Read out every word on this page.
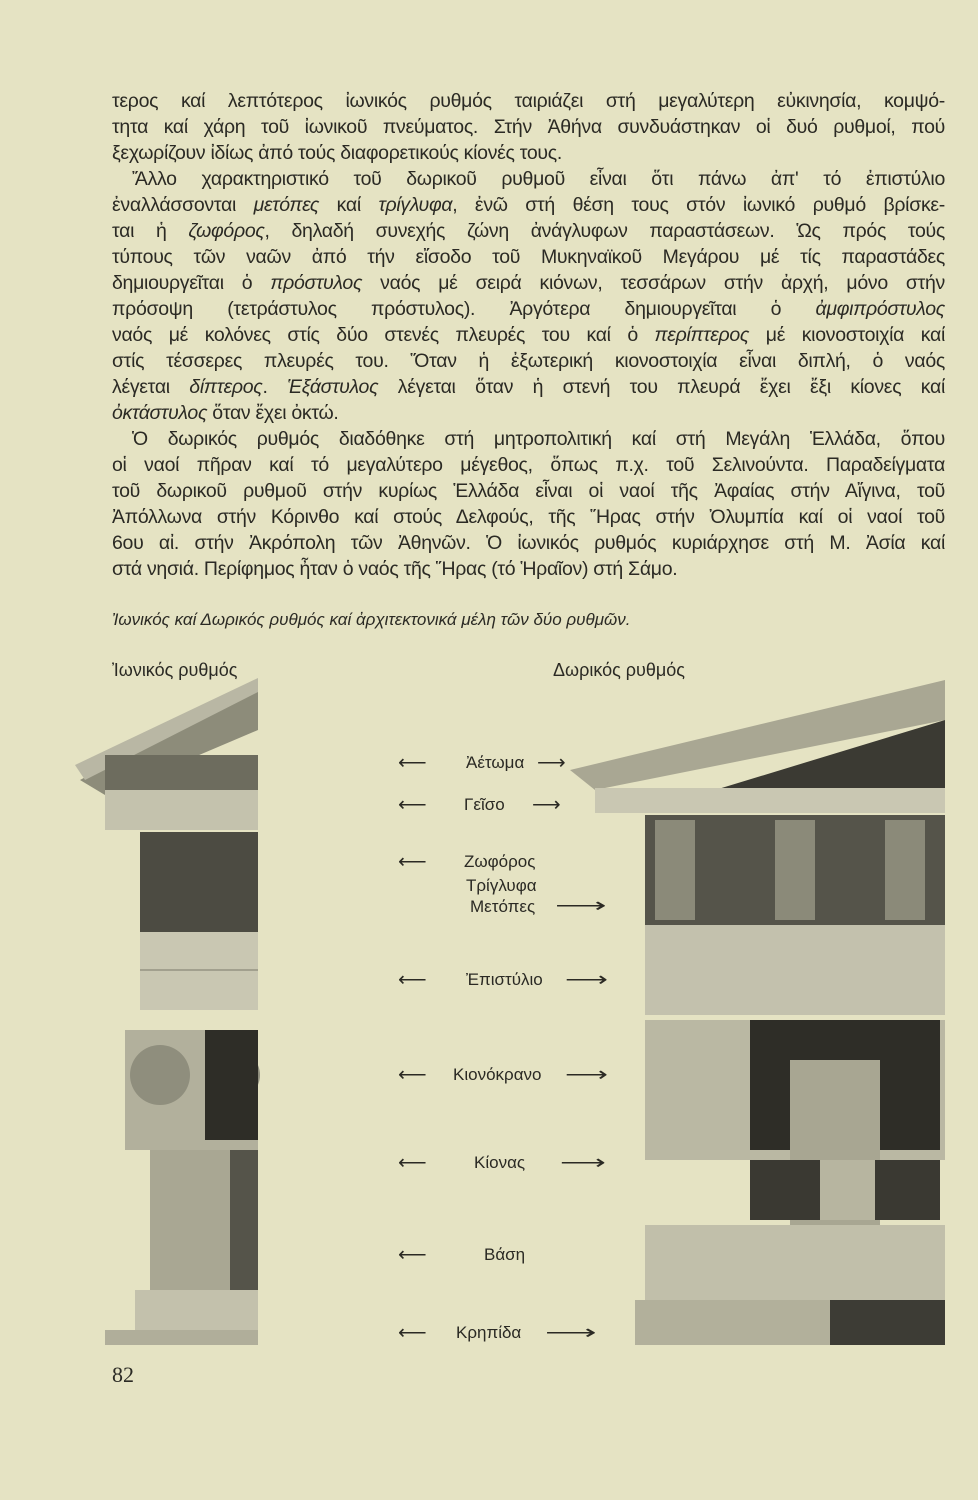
τερος καί λεπτότερος ἰωνικός ρυθμός ταιριάζει στή μεγαλύτερη εὐκινησία, κομψό-
τητα καί χάρη τοῦ ἰωνικοῦ πνεύματος. Στήν Ἀθήνα συνδυάστηκαν οἱ δυό ρυθμοί, πού
ξεχωρίζουν ἰδίως ἀπό τούς διαφορετικούς κίονές τους.
Ἄλλο χαρακτηριστικό τοῦ δωρικοῦ ρυθμοῦ εἶναι ὅτι πάνω ἀπ' τό ἐπιστύλιο
ἐναλλάσσονται μετόπες καί τρίγλυφα, ἐνῶ στή θέση τους στόν ἰωνικό ρυθμό βρίσκε-
ται ἡ ζωφόρος, δηλαδή συνεχής ζώνη ἀνάγλυφων παραστάσεων. Ὡς πρός τούς
τύπους τῶν ναῶν ἀπό τήν εἴσοδο τοῦ Μυκηναϊκοῦ Μεγάρου μέ τίς παραστάδες
δημιουργεῖται ὁ πρόστυλος ναός μέ σειρά κιόνων, τεσσάρων στήν ἀρχή, μόνο στήν
πρόσοψη (τετράστυλος πρόστυλος). Ἀργότερα δημιουργεῖται ὁ ἀμφιπρόστυλος
ναός μέ κολόνες στίς δύο στενές πλευρές του καί ὁ περίπτερος μέ κιονοστοιχία καί
στίς τέσσερες πλευρές του. Ὅταν ἡ ἐξωτερική κιονοστοιχία εἶναι διπλή, ὁ ναός
λέγεται δίπτερος. Ἑξάστυλος λέγεται ὅταν ἡ στενή του πλευρά ἔχει ἔξι κίονες καί
ὀκτάστυλος ὅταν ἔχει ὀκτώ.
Ὁ δωρικός ρυθμός διαδόθηκε στή μητροπολιτική καί στή Μεγάλη Ἑλλάδα, ὅπου
οἱ ναοί πῆραν καί τό μεγαλύτερο μέγεθος, ὅπως π.χ. τοῦ Σελινούντα. Παραδείγματα
τοῦ δωρικοῦ ρυθμοῦ στήν κυρίως Ἑλλάδα εἶναι οἱ ναοί τῆς Ἀφαίας στήν Αἴγινα, τοῦ
Ἀπόλλωνα στήν Κόρινθο καί στούς Δελφούς, τῆς Ἥρας στήν Ὀλυμπία καί οἱ ναοί τοῦ
6ου αἰ. στήν Ἀκρόπολη τῶν Ἀθηνῶν. Ὁ ἰωνικός ρυθμός κυριάρχησε στή Μ. Ἀσία καί
στά νησιά. Περίφημος ἦταν ὁ ναός τῆς Ἥρας (τό Ἡραῖον) στή Σάμο.
Ἰωνικός καί Δωρικός ρυθμός καί ἀρχιτεκτονικά μέλη τῶν δύο ρυθμῶν.
Ἰωνικός ρυθμός	Δωρικός ρυθμός
⟵ Ἀέτωμα ⟶
⟵ Γεῖσο ⟶
⟵ Ζωφόρος
Τρίγλυφα
Μετόπες ⟶
⟵ Ἐπιστύλιο ⟶
⟵ Κιονόκρανο ⟶
⟵	Κίονας ⟶
⟵	Βάση
⟵ Κρηπίδα ⟶
82
